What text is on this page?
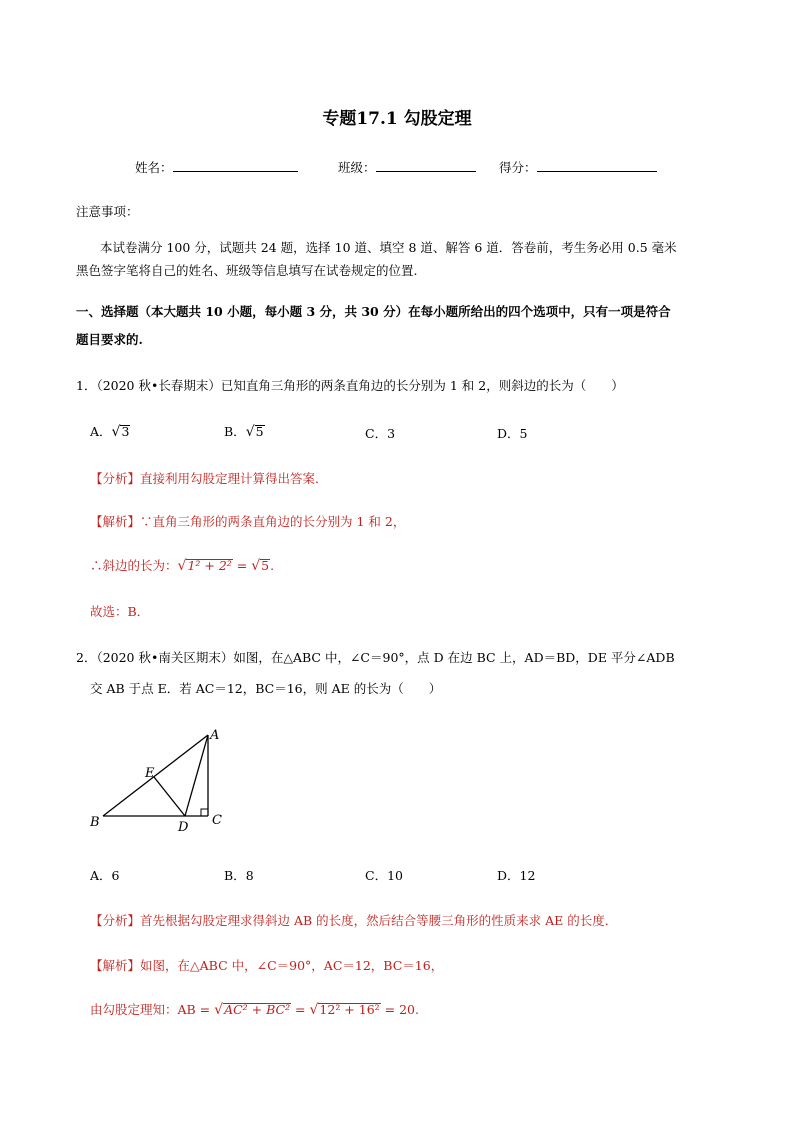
专题17.1 勾股定理
姓名：	班级：	得分：
注意事项：
本试卷满分 100 分，试题共 24 题，选择 10 道、填空 8 道、解答 6 道．答卷前，考生务必用 0.5 毫米
黑色签字笔将自己的姓名、班级等信息填写在试卷规定的位置.
一、选择题（本大题共 10 小题，每小题 3 分，共 30 分）在每小题所给出的四个选项中，只有一项是符合
题目要求的.
1．（2020 秋•长春期末）已知直角三角形的两条直角边的长分别为 1 和 2，则斜边的长为（　　）
A．√3	B．√5	C．3	D．5
【分析】直接利用勾股定理计算得出答案．
【解析】∵直角三角形的两条直角边的长分别为 1 和 2，
∴斜边的长为：√1² + 2² = √5.
故选：B．
2．（2020 秋•南关区期末）如图，在△ABC 中，∠C＝90°，点 D 在边 BC 上，AD＝BD，DE 平分∠ADB
交 AB 于点 E．若 AC＝12，BC＝16，则 AE 的长为（　　）
A
B	C
D
E
A．6	B．8	C．10	D．12
【分析】首先根据勾股定理求得斜边 AB 的长度，然后结合等腰三角形的性质来求 AE 的长度．
【解析】如图，在△ABC 中，∠C＝90°，AC＝12，BC＝16，
由勾股定理知：AB = √AC² + BC² = √12² + 16² = 20.
